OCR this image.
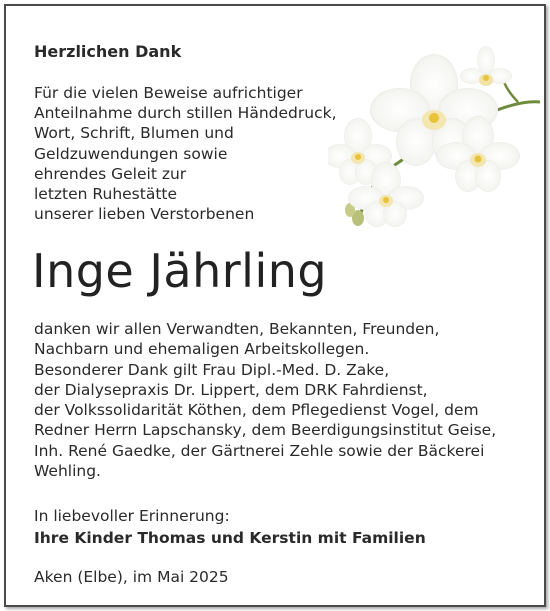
Herzlichen Dank
Für die vielen Beweise aufrichtiger
Anteilnahme durch stillen Händedruck,
Wort, Schrift, Blumen und
Geldzuwendungen sowie
ehrendes Geleit zur
letzten Ruhestätte
unserer lieben Verstorbenen
Inge Jährling
danken wir allen Verwandten, Bekannten, Freunden,
Nachbarn und ehemaligen Arbeitskollegen.
Besonderer Dank gilt Frau Dipl.-Med. D. Zake,
der Dialysepraxis Dr. Lippert, dem DRK Fahrdienst,
der Volkssolidarität Köthen, dem Pflegedienst Vogel, dem
Redner Herrn Lapschansky, dem Beerdigungsinstitut Geise,
Inh. René Gaedke, der Gärtnerei Zehle sowie der Bäckerei
Wehling.
In liebevoller Erinnerung:
Ihre Kinder Thomas und Kerstin mit Familien
Aken (Elbe), im Mai 2025
